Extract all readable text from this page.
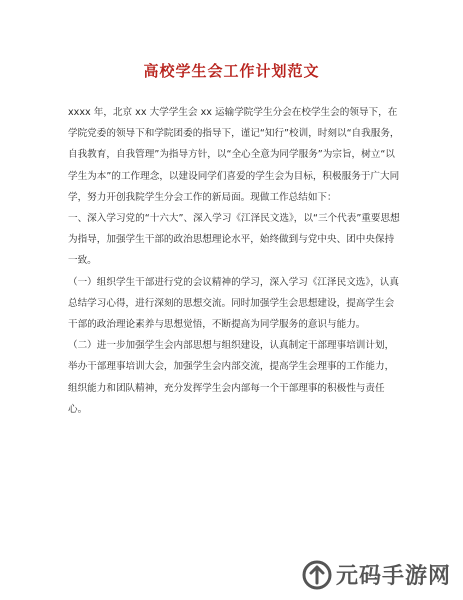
高校学生会工作计划范文

xxxx 年，北京 xx 大学学生会 xx 运输学院学生分会在校学生会的领导下，在学院党委的领导下和学院团委的指导下，谨记“知行”校训，时刻以“自我服务，自我教育，自我管理”为指导方针，以“全心全意为同学服务”为宗旨，树立“以学生为本”的工作理念，以建设同学们喜爱的学生会为目标，积极服务于广大同学，努力开创我院学生分会工作的新局面。现做工作总结如下：

一、深入学习党的“十六大”、深入学习《江泽民文选》，以“三个代表”重要思想为指导，加强学生干部的政治思想理论水平，始终做到与党中央、团中央保持一致。

（一）组织学生干部进行党的会议精神的学习，深入学习《江泽民文选》，认真总结学习心得，进行深刻的思想交流。同时加强学生会思想建设，提高学生会干部的政治理论素养与思想觉悟，不断提高为同学服务的意识与能力。

（二）进一步加强学生会内部思想与组织建设，认真制定干部理事培训计划，举办干部理事培训大会，加强学生会内部交流，提高学生会理事的工作能力，组织能力和团队精神，充分发挥学生会内部每一个干部理事的积极性与责任心。

元码手游网
